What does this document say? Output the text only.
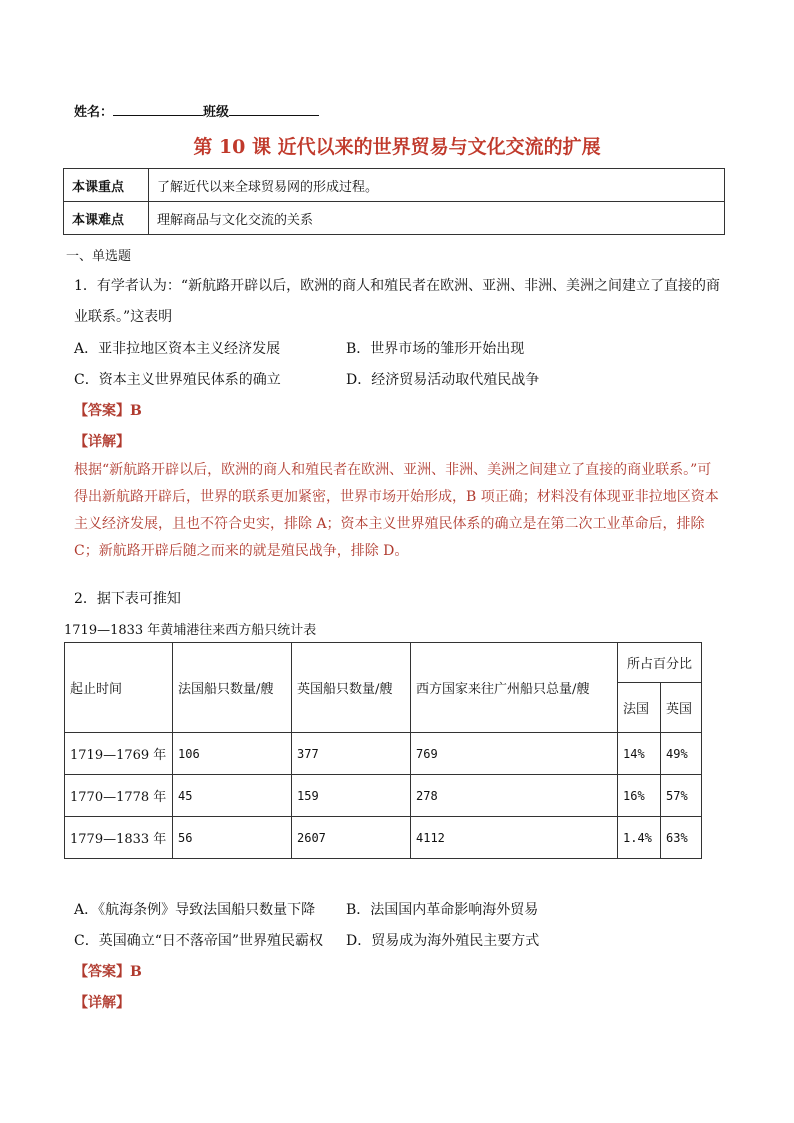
姓名：	班级
第 10 课 近代以来的世界贸易与文化交流的扩展
本课重点	了解近代以来全球贸易网的形成过程。
本课难点	理解商品与文化交流的关系
一、单选题
1．有学者认为：“新航路开辟以后，欧洲的商人和殖民者在欧洲、亚洲、非洲、美洲之间建立了直接的商
业联系。”这表明
A．亚非拉地区资本主义经济发展	B．世界市场的雏形开始出现
C．资本主义世界殖民体系的确立	D．经济贸易活动取代殖民战争
【答案】B
【详解】
根据“新航路开辟以后，欧洲的商人和殖民者在欧洲、亚洲、非洲、美洲之间建立了直接的商业联系。”可得出新航路开辟后，世界的联系更加紧密，世界市场开始形成，B 项正确；材料没有体现亚非拉地区资本主义经济发展，且也不符合史实，排除 A；资本主义世界殖民体系的确立是在第二次工业革命后，排除 C；新航路开辟后随之而来的就是殖民战争，排除 D。
2．据下表可推知
1719—1833 年黄埔港往来西方船只统计表
起止时间	法国船只数量/艘	英国船只数量/艘	西方国家来往广州船只总量/艘	所占百分比	
				法国	英国
1719—1769 年	106	377	769	14%	49%
1770—1778 年	45	159	278	16%	57%
1779—1833 年	56	2607	4112	1.4%	63%
A．《航海条例》导致法国船只数量下降 B．法国国内革命影响海外贸易
C．英国确立“日不落帝国”世界殖民霸权 D．贸易成为海外殖民主要方式
【答案】B
【详解】
